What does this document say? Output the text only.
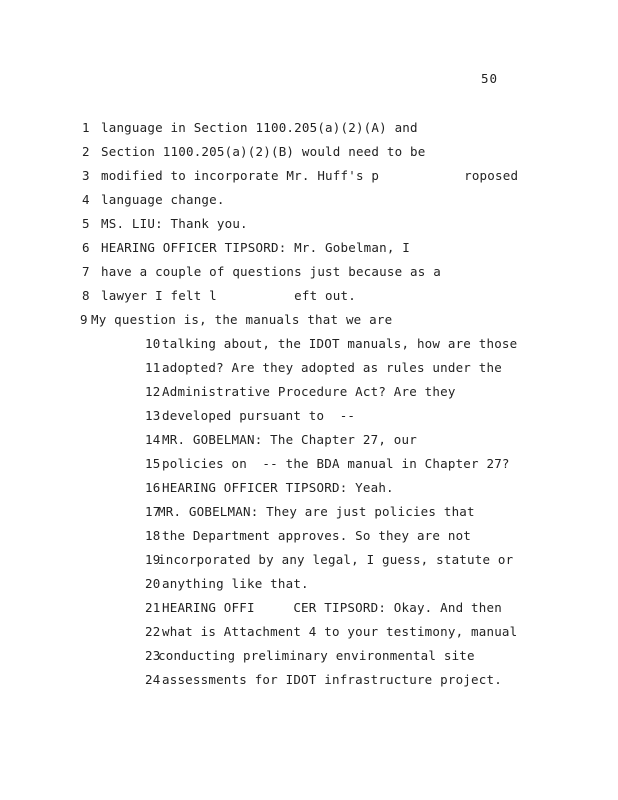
50
1 language in Section 1100.205(a)(2)(A) and
2 Section 1100.205(a)(2)(B) would need to be
3 modified to incorporate Mr. Huff's p           roposed
4 language change.
5 MS. LIU: Thank you.
6 HEARING OFFICER TIPSORD: Mr. Gobelman, I
7 have a couple of questions just because as a
8 lawyer I felt l          eft out.
9 My question is, the manuals that we are
10 talking about, the IDOT manuals, how are those
11 adopted? Are they adopted as rules under the
12 Administrative Procedure Act? Are they
13 developed pursuant to  --
14 MR. GOBELMAN: The Chapter 27, our
15 policies on  -- the BDA manual in Chapter 27?
16 HEARING OFFICER TIPSORD: Yeah.
17MR. GOBELMAN: They are just policies that
18 the Department approves. So they are not
19incorporated by any legal, I guess, statute or
20 anything like that.
21 HEARING OFFI     CER TIPSORD: Okay. And then
22 what is Attachment 4 to your testimony, manual
23conducting preliminary environmental site
24 assessments for IDOT infrastructure project.
